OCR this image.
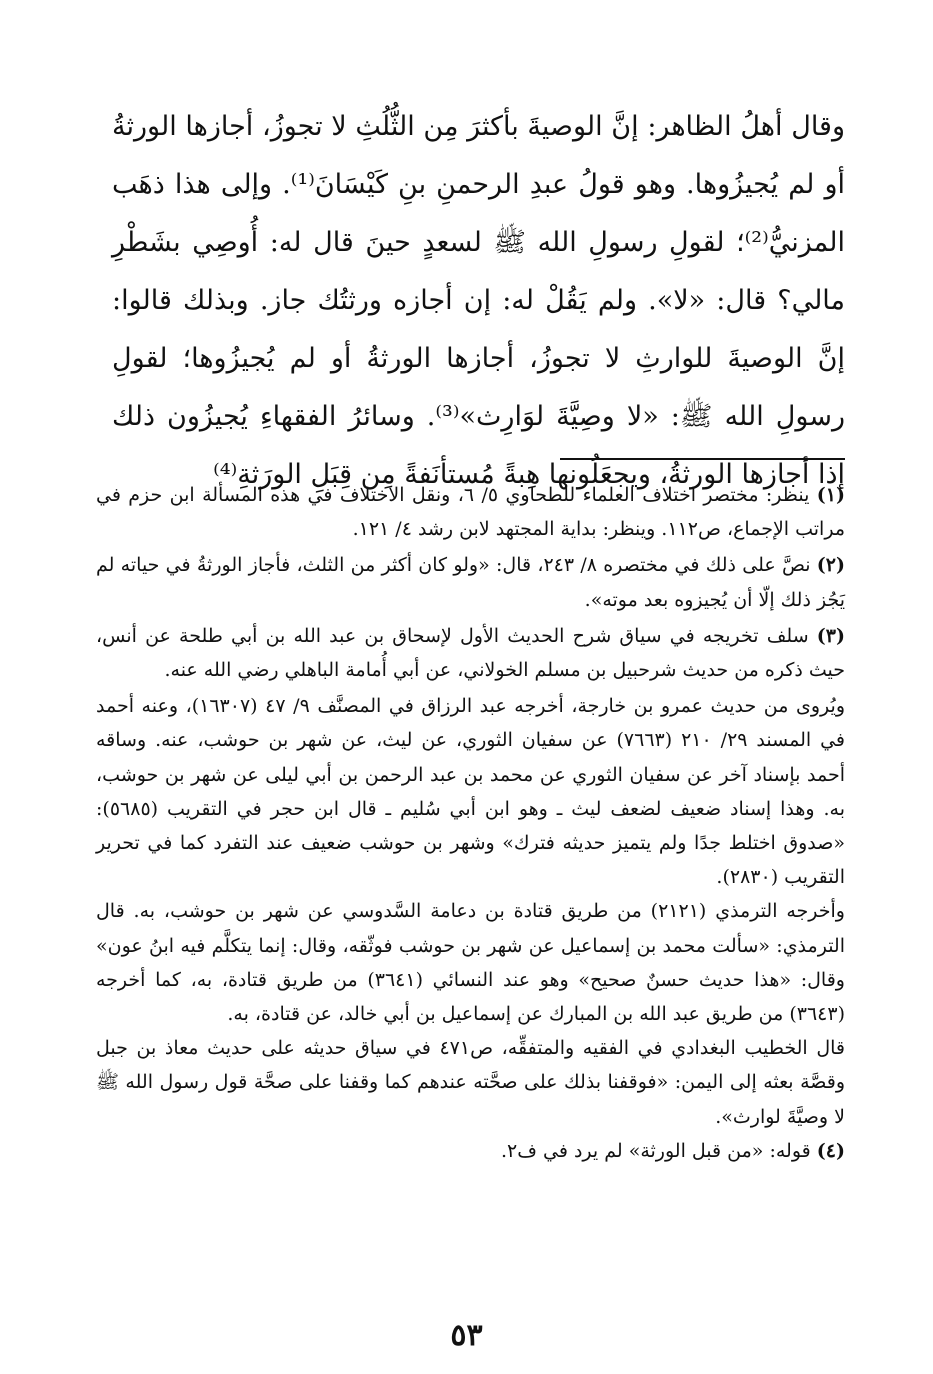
وقال أهلُ الظاهر: إنَّ الوصيةَ بأكثرَ مِن الثُّلُثِ لا تجوزُ، أجازها الورثةُ أو لم يُجيزُوها. وهو قولُ عبدِ الرحمنِ بنِ كَيْسَانَ⁽¹⁾. وإلى هذا ذهَب المزنيُّ⁽²⁾؛ لقولِ رسولِ الله ﷺ لسعدٍ حينَ قال له: أُوصِي بشَطْرِ مالي؟ قال: «لا». ولم يَقُلْ له: إن أجازه ورثتُك جاز. وبذلك قالوا: إنَّ الوصيةَ للوارثِ لا تجوزُ، أجازها الورثةُ أو لم يُجيزُوها؛ لقولِ رسولِ الله ﷺ: «لا وصِيَّةَ لوَارِث»⁽³⁾. وسائرُ الفقهاءِ يُجيزُون ذلك إذا أجازها الورثةُ، ويجعَلُونها هِبةً مُستأنَفةً مِن قِبَلِ الورَثةِ⁽⁴⁾

(١) ينظر: مختصر اختلاف العلماء للطحاوي ٥/ ٦، ونقل الاختلاف في هذه المسألة ابن حزم في مراتب الإجماع، ص١١٢. وينظر: بداية المجتهد لابن رشد ٤/ ١٢١.

(٢) نصَّ على ذلك في مختصره ٨/ ٢٤٣، قال: «ولو كان أكثر من الثلث، فأجاز الورثةُ في حياته لم يَجُز ذلك إلّا أن يُجيزوه بعد موته».

(٣) سلف تخريجه في سياق شرح الحديث الأول لإسحاق بن عبد الله بن أبي طلحة عن أنس، حيث ذكره من حديث شرحبيل بن مسلم الخولاني، عن أبي أُمامة الباهلي رضي الله عنه.

ويُروى من حديث عمرو بن خارجة، أخرجه عبد الرزاق في المصنَّف ٩/ ٤٧ (١٦٣٠٧)، وعنه أحمد في المسند ٢٩/ ٢١٠ (٧٦٦٣) عن سفيان الثوري، عن ليث، عن شهر بن حوشب، عنه. وساقه أحمد بإسناد آخر عن سفيان الثوري عن محمد بن عبد الرحمن بن أبي ليلى عن شهر بن حوشب، به. وهذا إسناد ضعيف لضعف ليث ـ وهو ابن أبي سُليم ـ قال ابن حجر في التقريب (٥٦٨٥): «صدوق اختلط جدًا ولم يتميز حديثه فترك» وشهر بن حوشب ضعيف عند التفرد كما في تحرير التقريب (٢٨٣٠).

وأخرجه الترمذي (٢١٢١) من طريق قتادة بن دعامة السَّدوسي عن شهر بن حوشب، به. قال الترمذي: «سألت محمد بن إسماعيل عن شهر بن حوشب فوثّقه، وقال: إنما يتكلَّم فيه ابنُ عون» وقال: «هذا حديث حسنٌ صحيح» وهو عند النسائي (٣٦٤١) من طريق قتادة، به، كما أخرجه (٣٦٤٣) من طريق عبد الله بن المبارك عن إسماعيل بن أبي خالد، عن قتادة، به.

قال الخطيب البغدادي في الفقيه والمتفقِّه، ص٤٧١ في سياق حديثه على حديث معاذ بن جبل وقصَّة بعثه إلى اليمن: «فوقفنا بذلك على صحَّته عندهم كما وقفنا على صحَّة قول رسول الله ﷺ لا وصيَّةَ لوارث».

(٤) قوله: «من قبل الورثة» لم يرد في ف٢.

٥٣
